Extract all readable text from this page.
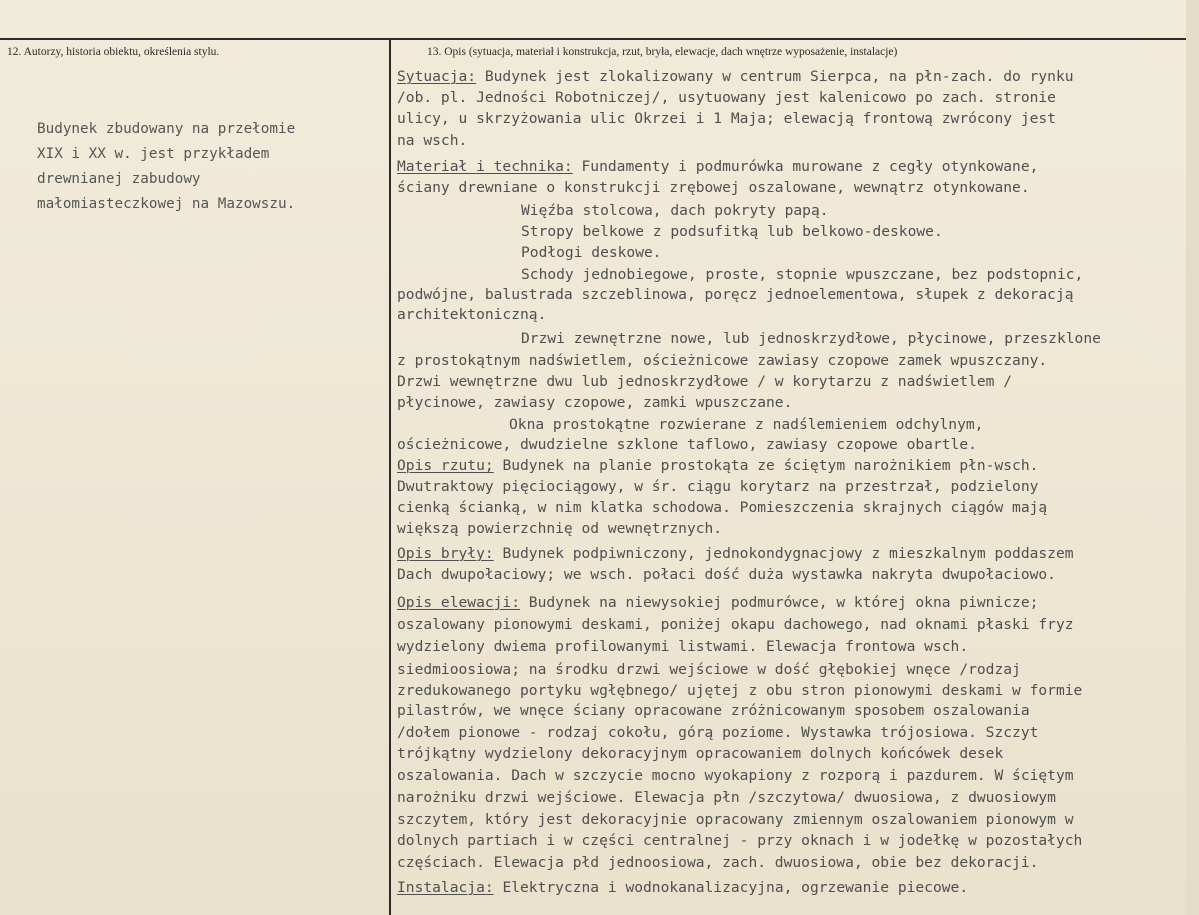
12. Autorzy, historia obiektu, określenia stylu.	13. Opis (sytuacja, materiał i konstrukcja, rzut, bryła, elewacje, dach wnętrze wyposażenie, instalacje)
Budynek zbudowany na przełomie
XIX i XX w. jest przykładem
drewnianej zabudowy
małomiasteczkowej na Mazowszu.
Sytuacja: Budynek jest zlokalizowany w centrum Sierpca, na płn-zach. do rynku
/ob. pl. Jedności Robotniczej/, usytuowany jest kalenicowo po zach. stronie
ulicy, u skrzyżowania ulic Okrzei i 1 Maja; elewacją frontową zwrócony jest
na wsch.
Materiał i technika: Fundamenty i podmurówka murowane z cegły otynkowane,
ściany drewniane o konstrukcji zrębowej oszalowane, wewnątrz otynkowane.
Więźba stolcowa, dach pokryty papą.
Stropy belkowe z podsufitką lub belkowo-deskowe.
Podłogi deskowe.
Schody jednobiegowe, proste, stopnie wpuszczane, bez podstopnic,
podwójne, balustrada szczeblinowa, poręcz jednoelementowa, słupek z dekoracją
architektoniczną.
Drzwi zewnętrzne nowe, lub jednoskrzydłowe, płycinowe, przeszklone
z prostokątnym nadświetlem, ościeżnicowe zawiasy czopowe zamek wpuszczany.
Drzwi wewnętrzne dwu lub jednoskrzydłowe / w korytarzu z nadświetlem /
płycinowe, zawiasy czopowe, zamki wpuszczane.
Okna prostokątne rozwierane z nadślemieniem odchylnym,
ościeżnicowe, dwudzielne szklone taflowo, zawiasy czopowe obartle.
Opis rzutu; Budynek na planie prostokąta ze ściętym narożnikiem płn-wsch.
Dwutraktowy pięciociągowy, w śr. ciągu korytarz na przestrzał, podzielony
cienką ścianką, w nim klatka schodowa. Pomieszczenia skrajnych ciągów mają
większą powierzchnię od wewnętrznych.
Opis bryły: Budynek podpiwniczony, jednokondygnacjowy z mieszkalnym poddaszem
Dach dwupołaciowy; we wsch. połaci dość duża wystawka nakryta dwupołaciowo.
Opis elewacji: Budynek na niewysokiej podmurówce, w której okna piwnicze;
oszalowany pionowymi deskami, poniżej okapu dachowego, nad oknami płaski fryz
wydzielony dwiema profilowanymi listwami. Elewacja frontowa wsch.
siedmioosiowa; na środku drzwi wejściowe w dość głębokiej wnęce /rodzaj
zredukowanego portyku wgłębnego/ ujętej z obu stron pionowymi deskami w formie
pilastrów, we wnęce ściany opracowane zróżnicowanym sposobem oszalowania
/dołem pionowe - rodzaj cokołu, górą poziome. Wystawka trójosiowa. Szczyt
trójkątny wydzielony dekoracyjnym opracowaniem dolnych końcówek desek
oszalowania. Dach w szczycie mocno wyokapiony z rozporą i pazdurem. W ściętym
narożniku drzwi wejściowe. Elewacja płn /szczytowa/ dwuosiowa, z dwuosiowym
szczytem, który jest dekoracyjnie opracowany zmiennym oszalowaniem pionowym w
dolnych partiach i w części centralnej - przy oknach i w jodełkę w pozostałych
częściach. Elewacja płd jednoosiowa, zach. dwuosiowa, obie bez dekoracji.
Instalacja: Elektryczna i wodnokanalizacyjna, ogrzewanie piecowe.
